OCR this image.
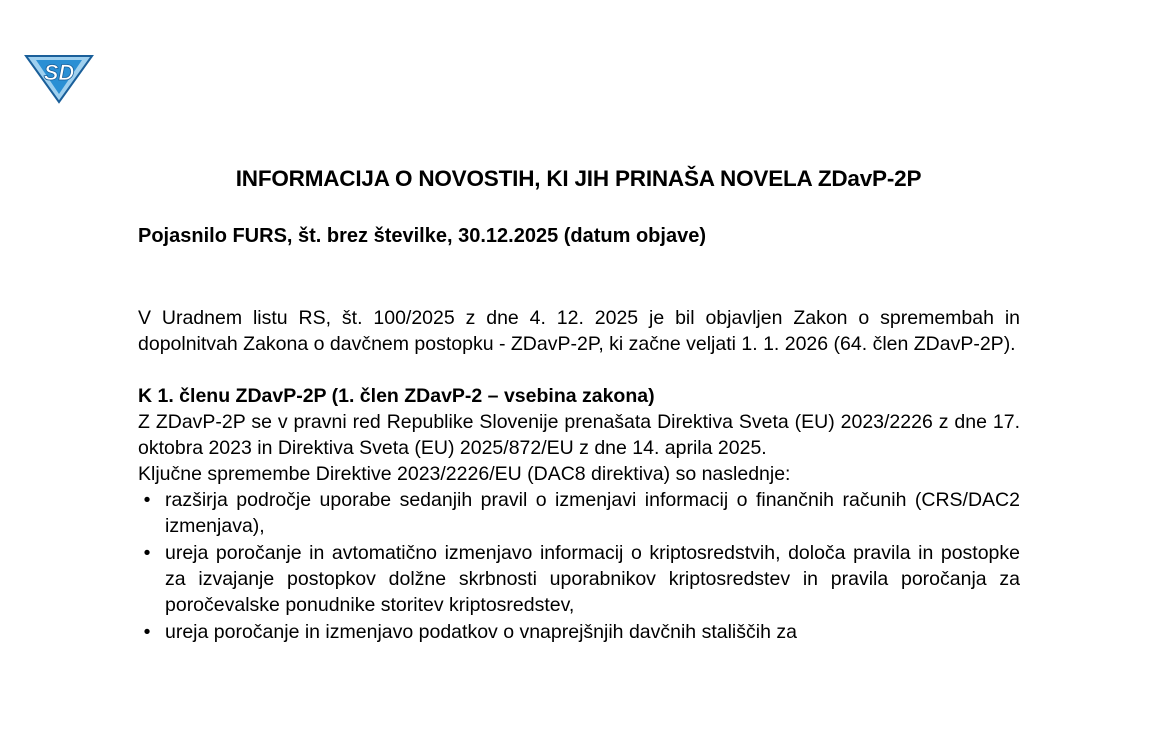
SD
INFORMACIJA O NOVOSTIH, KI JIH PRINAŠA NOVELA ZDavP-2P
Pojasnilo FURS, št. brez številke, 30.12.2025 (datum objave)

V Uradnem listu RS, št. 100/2025 z dne 4. 12. 2025 je bil objavljen Zakon o spremembah in dopolnitvah Zakona o davčnem postopku - ZDavP-2P, ki začne veljati 1. 1. 2026 (64. člen ZDavP-2P).

K 1. členu ZDavP-2P (1. člen ZDavP-2 – vsebina zakona)

Z ZDavP-2P se v pravni red Republike Slovenije prenašata Direktiva Sveta (EU) 2023/2226 z dne 17. oktobra 2023 in Direktiva Sveta (EU) 2025/872/EU z dne 14. aprila 2025.

Ključne spremembe Direktive 2023/2226/EU (DAC8 direktiva) so naslednje:

• razširja področje uporabe sedanjih pravil o izmenjavi informacij o finančnih računih (CRS/DAC2 izmenjava),
• ureja poročanje in avtomatično izmenjavo informacij o kriptosredstvih, določa pravila in postopke za izvajanje postopkov dolžne skrbnosti uporabnikov kriptosredstev in pravila poročanja za poročevalske ponudnike storitev kriptosredstev,
• ureja poročanje in izmenjavo podatkov o vnaprejšnjih davčnih stališčih za
